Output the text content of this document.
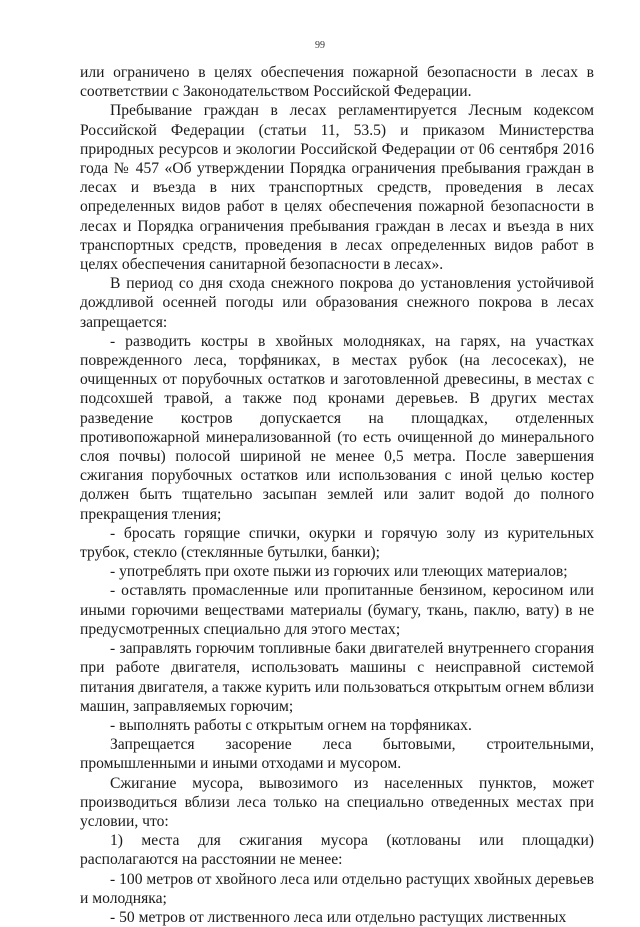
99

или ограничено в целях обеспечения пожарной безопасности в лесах в соответствии с Законодательством Российской Федерации.

Пребывание граждан в лесах регламентируется Лесным кодексом Российской Федерации (статьи 11, 53.5) и приказом Министерства природных ресурсов и экологии Российской Федерации от 06 сентября 2016 года № 457 «Об утверждении Порядка ограничения пребывания граждан в лесах и въезда в них транспортных средств, проведения в лесах определенных видов работ в целях обеспечения пожарной безопасности в лесах и Порядка ограничения пребывания граждан в лесах и въезда в них транспортных средств, проведения в лесах определенных видов работ в целях обеспечения санитарной безопасности в лесах».

В период со дня схода снежного покрова до установления устойчивой дождливой осенней погоды или образования снежного покрова в лесах запрещается:

- разводить костры в хвойных молодняках, на гарях, на участках поврежденного леса, торфяниках, в местах рубок (на лесосеках), не очищенных от порубочных остатков и заготовленной древесины, в местах с подсохшей травой, а также под кронами деревьев. В других местах разведение костров допускается на площадках, отделенных противопожарной минерализованной (то есть очищенной до минерального слоя почвы) полосой шириной не менее 0,5 метра. После завершения сжигания порубочных остатков или использования с иной целью костер должен быть тщательно засыпан землей или залит водой до полного прекращения тления;

- бросать горящие спички, окурки и горячую золу из курительных трубок, стекло (стеклянные бутылки, банки);

- употреблять при охоте пыжи из горючих или тлеющих материалов;

- оставлять промасленные или пропитанные бензином, керосином или иными горючими веществами материалы (бумагу, ткань, паклю, вату) в не предусмотренных специально для этого местах;

- заправлять горючим топливные баки двигателей внутреннего сгорания при работе двигателя, использовать машины с неисправной системой питания двигателя, а также курить или пользоваться открытым огнем вблизи машин, заправляемых горючим;

- выполнять работы с открытым огнем на торфяниках.

Запрещается засорение леса бытовыми, строительными, промышленными и иными отходами и мусором.

Сжигание мусора, вывозимого из населенных пунктов, может производиться вблизи леса только на специально отведенных местах при условии, что:

1) места для сжигания мусора (котлованы или площадки) располагаются на расстоянии не менее:

- 100 метров от хвойного леса или отдельно растущих хвойных деревьев и молодняка;

- 50 метров от лиственного леса или отдельно растущих лиственных
